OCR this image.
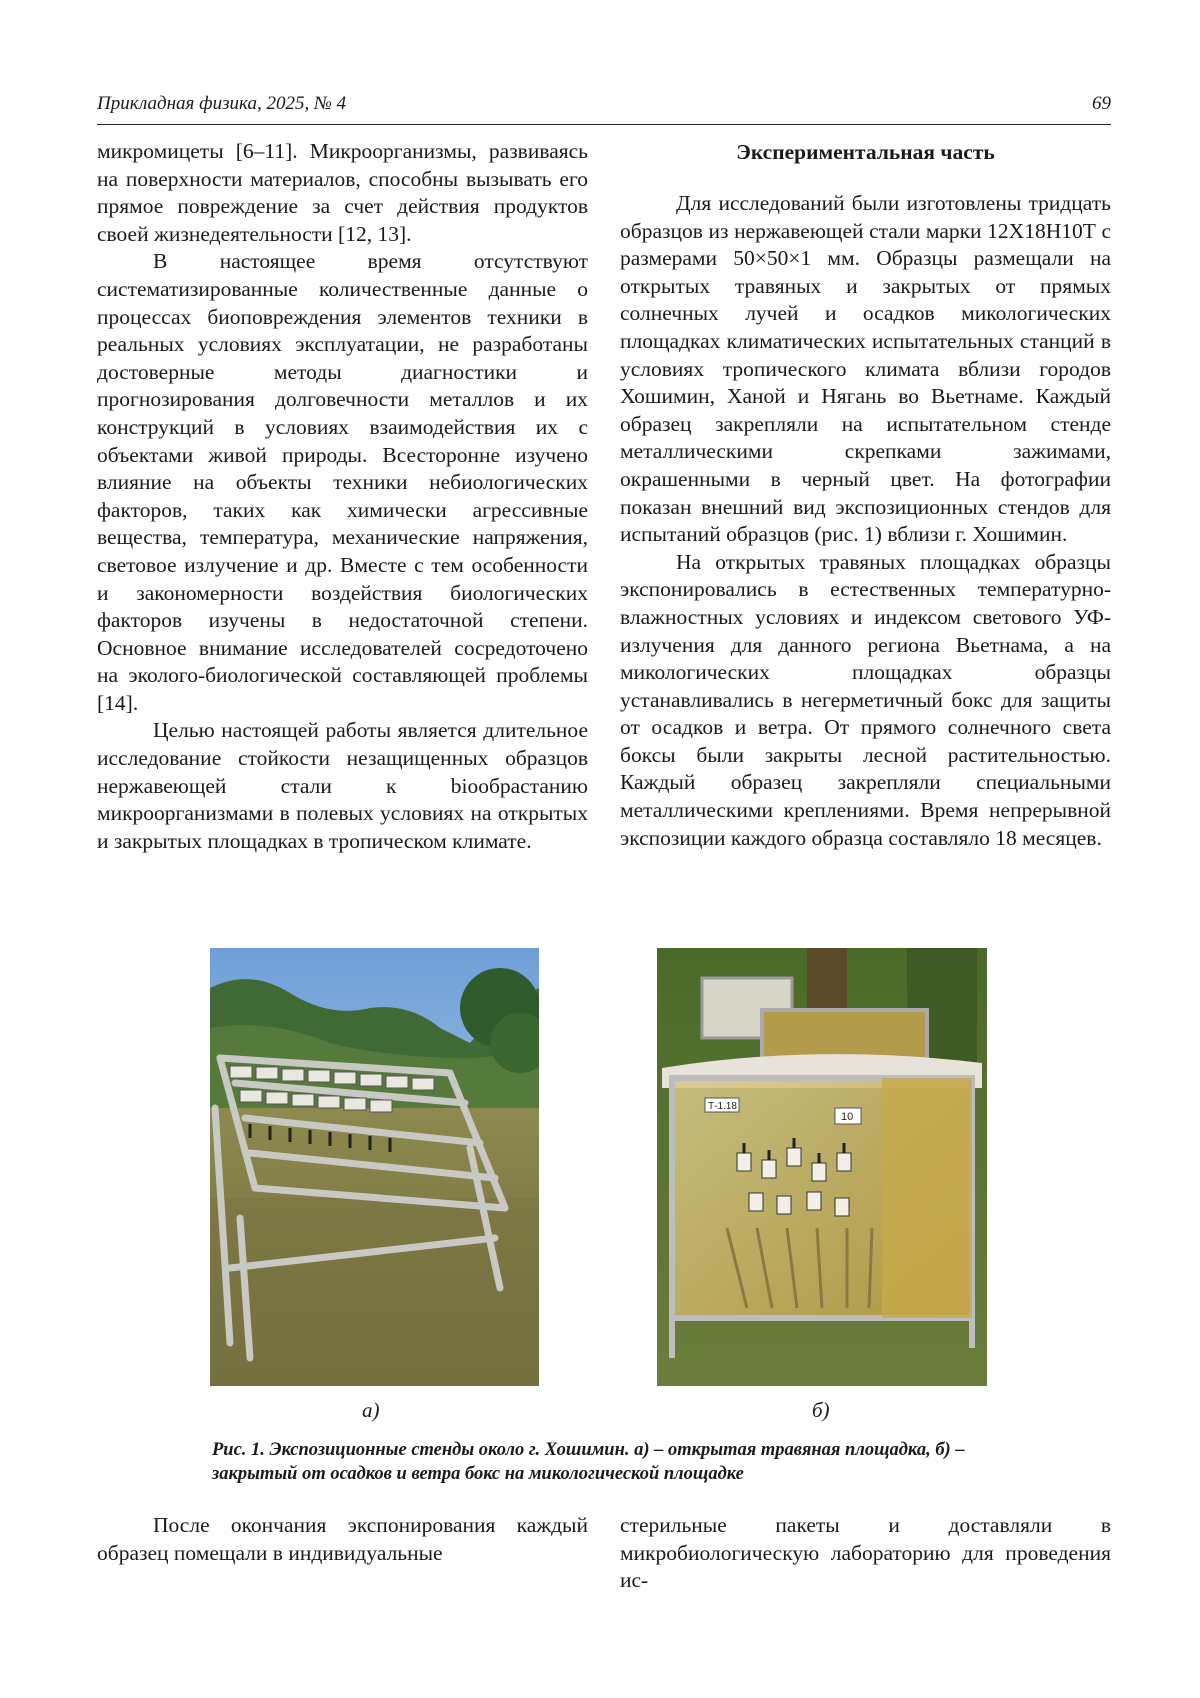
Прикладная физика, 2025, № 4	69

микромицеты [6–11]. Микроорганизмы, развиваясь на поверхности материалов, способны вызывать его прямое повреждение за счет действия продуктов своей жизнедеятельности [12, 13].

В настоящее время отсутствуют систематизированные количественные данные о процессах биоповреждения элементов техники в реальных условиях эксплуатации, не разработаны достоверные методы диагностики и прогнозирования долговечности металлов и их конструкций в условиях взаимодействия их с объектами живой природы. Всесторонне изучено влияние на объекты техники небиологических факторов, таких как химически агрессивные вещества, температура, механические напряжения, световое излучение и др. Вместе с тем особенности и закономерности воздействия биологических факторов изучены в недостаточной степени. Основное внимание исследователей сосредоточено на эколого-биологической составляющей проблемы [14].

Целью настоящей работы является длительное исследование стойкости незащищенных образцов нержавеющей стали к biообрастанию микроорганизмами в полевых условиях на открытых и закрытых площадках в тропическом климате.

Экспериментальная часть

Для исследований были изготовлены тридцать образцов из нержавеющей стали марки 12Х18Н10Т с размерами 50×50×1 мм. Образцы размещали на открытых травяных и закрытых от прямых солнечных лучей и осадков микологических площадках климатических испытательных станций в условиях тропического климата вблизи городов Хошимин, Ханой и Нягань во Вьетнаме. Каждый образец закрепляли на испытательном стенде металлическими скрепками зажимами, окрашенными в черный цвет. На фотографии показан внешний вид экспозиционных стендов для испытаний образцов (рис. 1) вблизи г. Хошимин.

На открытых травяных площадках образцы экспонировались в естественных температурно-влажностных условиях и индексом светового УФ-излучения для данного региона Вьетнама, а на микологических площадках образцы устанавливались в негерметичный бокс для защиты от осадков и ветра. От прямого солнечного света боксы были закрыты лесной растительностью. Каждый образец закрепляли специальными металлическими креплениями. Время непрерывной экспозиции каждого образца составляло 18 месяцев.

а)
Т-1.18
10
б)
Рис. 1. Экспозиционные стенды около г. Хошимин. а) – открытая травяная площадка, б) – закрытый от осадков и ветра бокс на микологической площадке

После окончания экспонирования каждый образец помещали в индивидуальные

стерильные пакеты и доставляли в микробиологическую лабораторию для проведения ис-
